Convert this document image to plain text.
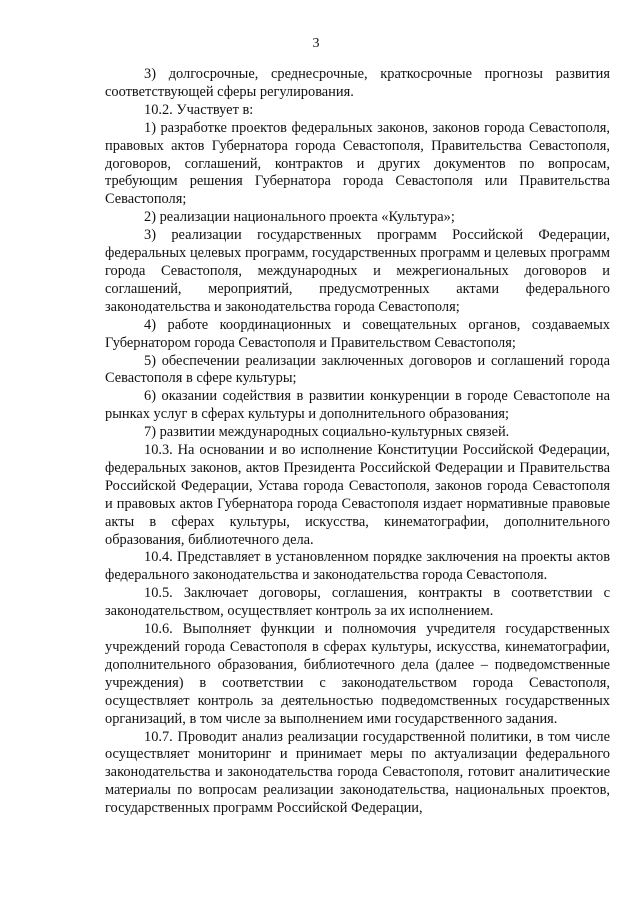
3

3) долгосрочные, среднесрочные, краткосрочные прогнозы развития соответствующей сферы регулирования.

10.2. Участвует в:

1) разработке проектов федеральных законов, законов города Севастополя, правовых актов Губернатора города Севастополя, Правительства Севастополя, договоров, соглашений, контрактов и других документов по вопросам, требующим решения Губернатора города Севастополя или Правительства Севастополя;

2) реализации национального проекта «Культура»;

3) реализации государственных программ Российской Федерации, федеральных целевых программ, государственных программ и целевых программ города Севастополя, международных и межрегиональных договоров и соглашений, мероприятий, предусмотренных актами федерального законодательства и законодательства города Севастополя;

4) работе координационных и совещательных органов, создаваемых Губернатором города Севастополя и Правительством Севастополя;

5) обеспечении реализации заключенных договоров и соглашений города Севастополя в сфере культуры;

6) оказании содействия в развитии конкуренции в городе Севастополе на рынках услуг в сферах культуры и дополнительного образования;

7) развитии международных социально-культурных связей.

10.3. На основании и во исполнение Конституции Российской Федерации, федеральных законов, актов Президента Российской Федерации и Правительства Российской Федерации, Устава города Севастополя, законов города Севастополя и правовых актов Губернатора города Севастополя издает нормативные правовые акты в сферах культуры, искусства, кинематографии, дополнительного образования, библиотечного дела.

10.4. Представляет в установленном порядке заключения на проекты актов федерального законодательства и законодательства города Севастополя.

10.5. Заключает договоры, соглашения, контракты в соответствии с законодательством, осуществляет контроль за их исполнением.

10.6. Выполняет функции и полномочия учредителя государственных учреждений города Севастополя в сферах культуры, искусства, кинематографии, дополнительного образования, библиотечного дела (далее – подведомственные учреждения) в соответствии с законодательством города Севастополя, осуществляет контроль за деятельностью подведомственных государственных организаций, в том числе за выполнением ими государственного задания.

10.7. Проводит анализ реализации государственной политики, в том числе осуществляет мониторинг и принимает меры по актуализации федерального законодательства и законодательства города Севастополя, готовит аналитические материалы по вопросам реализации законодательства, национальных проектов, государственных программ Российской Федерации,
